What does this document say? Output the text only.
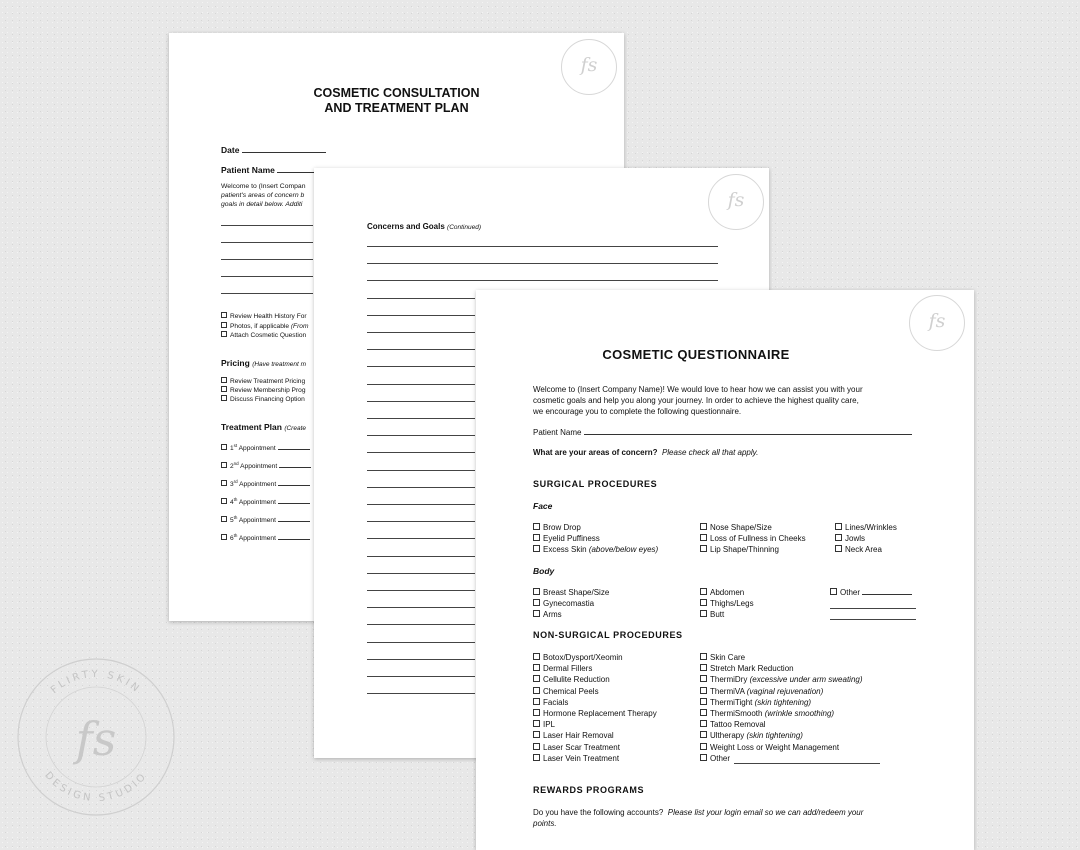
COSMETIC CONSULTATION
AND TREATMENT PLAN
fs
Date
Patient Name
Welcome to (Insert Compan
patient's areas of concern b
goals in detail below. Additi
Review Health History For
Photos, if applicable (From
Attach Cosmetic Question
Pricing (Have treatment m
Review Treatment Pricing
Review Membership Prog
Discuss Financing Option
Treatment Plan (Create
1st Appointment
2nd Appointment
3rd Appointment
4th Appointment
5th Appointment
6th Appointment
fs
Concerns and Goals (Continued)
fs
COSMETIC QUESTIONNAIRE
Welcome to (Insert Company Name)! We would love to hear how we can assist you with your
cosmetic goals and help you along your journey. In order to achieve the highest quality care,
we encourage you to complete the following questionnaire.
Patient Name
What are your areas of concern? Please check all that apply.
SURGICAL PROCEDURES
Face
Brow Drop
Eyelid Puffiness
Excess Skin (above/below eyes)
Nose Shape/Size
Loss of Fullness in Cheeks
Lip Shape/Thinning
Lines/Wrinkles
Jowls
Neck Area
Body
Breast Shape/Size
Gynecomastia
Arms
Abdomen
Thighs/Legs
Butt
Other
NON-SURGICAL PROCEDURES
REWARDS PROGRAMS
Do you have the following accounts? Please list your login email so we can add/redeem your
points.
Botox/Dysport/Xeomin
Dermal Fillers
Cellulite Reduction
Chemical Peels
Facials
Hormone Replacement Therapy
IPL
Laser Hair Removal
Laser Scar Treatment
Laser Vein Treatment
Skin Care
Stretch Mark Reduction
ThermiDry (excessive under arm sweating)
ThermiVA (vaginal rejuvenation)
ThermiTight (skin tightening)
ThermiSmooth (wrinkle smoothing)
Tattoo Removal
Ultherapy (skin tightening)
Weight Loss or Weight Management
Other
FLIRTY SKIN
DESIGN STUDIO
fs
